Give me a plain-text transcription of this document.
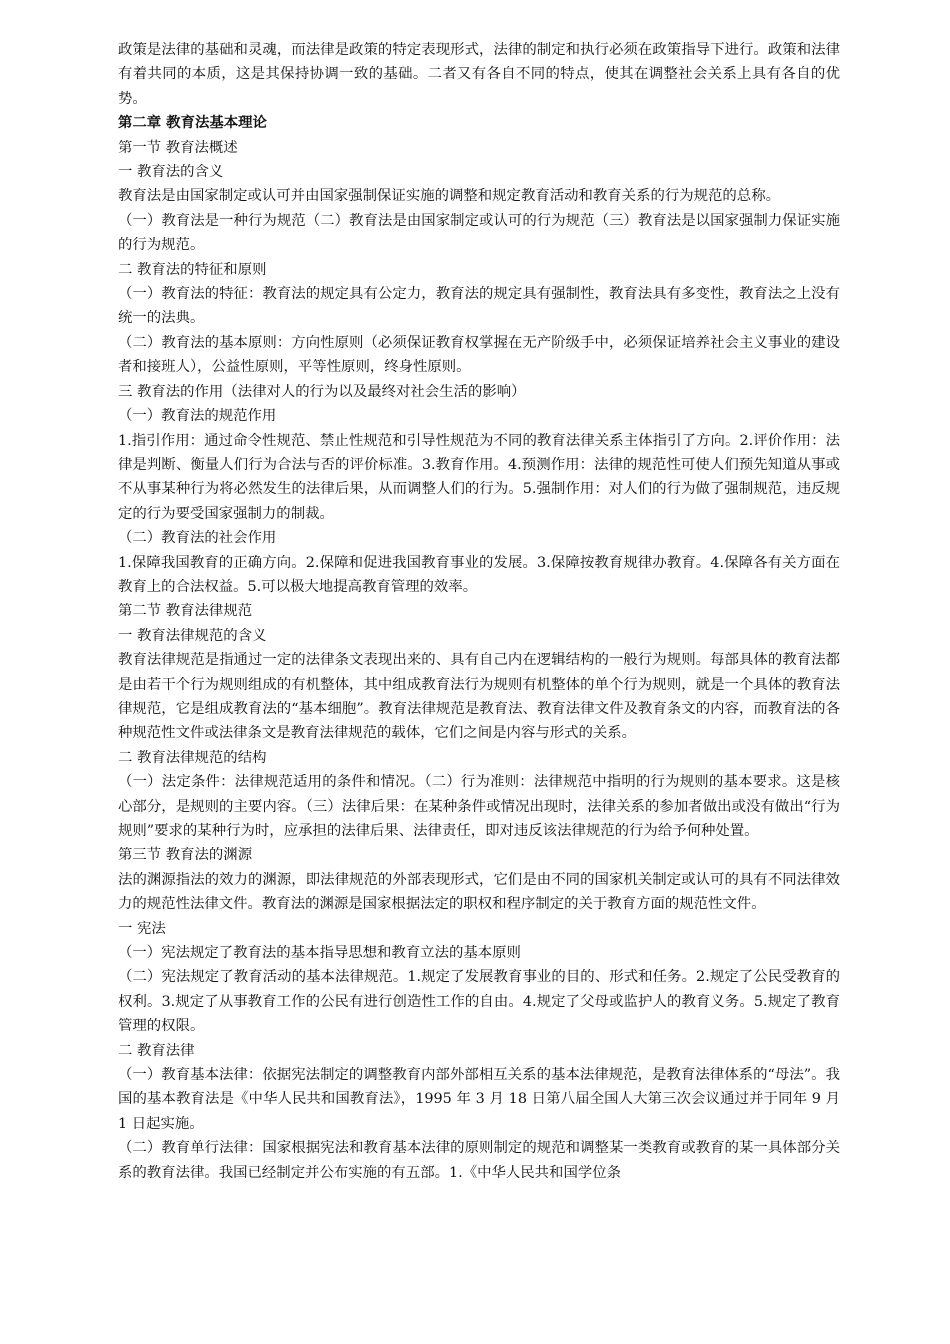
政策是法律的基础和灵魂，而法律是政策的特定表现形式，法律的制定和执行必须在政策指导下进行。政策和法律有着共同的本质，这是其保持协调一致的基础。二者又有各自不同的特点，使其在调整社会关系上具有各自的优势。

第二章 教育法基本理论

第一节 教育法概述

一 教育法的含义

教育法是由国家制定或认可并由国家强制保证实施的调整和规定教育活动和教育关系的行为规范的总称。

（一）教育法是一种行为规范（二）教育法是由国家制定或认可的行为规范（三）教育法是以国家强制力保证实施的行为规范。

二 教育法的特征和原则

（一）教育法的特征：教育法的规定具有公定力，教育法的规定具有强制性，教育法具有多变性，教育法之上没有统一的法典。

（二）教育法的基本原则：方向性原则（必须保证教育权掌握在无产阶级手中，必须保证培养社会主义事业的建设者和接班人），公益性原则，平等性原则，终身性原则。

三 教育法的作用（法律对人的行为以及最终对社会生活的影响）

（一）教育法的规范作用

1.指引作用：通过命令性规范、禁止性规范和引导性规范为不同的教育法律关系主体指引了方向。2.评价作用：法律是判断、衡量人们行为合法与否的评价标准。3.教育作用。4.预测作用：法律的规范性可使人们预先知道从事或不从事某种行为将必然发生的法律后果，从而调整人们的行为。5.强制作用：对人们的行为做了强制规范，违反规定的行为要受国家强制力的制裁。

（二）教育法的社会作用

1.保障我国教育的正确方向。2.保障和促进我国教育事业的发展。3.保障按教育规律办教育。4.保障各有关方面在教育上的合法权益。5.可以极大地提高教育管理的效率。

第二节 教育法律规范

一 教育法律规范的含义

教育法律规范是指通过一定的法律条文表现出来的、具有自己内在逻辑结构的一般行为规则。每部具体的教育法都是由若干个行为规则组成的有机整体，其中组成教育法行为规则有机整体的单个行为规则，就是一个具体的教育法律规范，它是组成教育法的“基本细胞”。教育法律规范是教育法、教育法律文件及教育条文的内容，而教育法的各种规范性文件或法律条文是教育法律规范的载体，它们之间是内容与形式的关系。

二 教育法律规范的结构

（一）法定条件：法律规范适用的条件和情况。（二）行为准则：法律规范中指明的行为规则的基本要求。这是核心部分，是规则的主要内容。（三）法律后果：在某种条件或情况出现时，法律关系的参加者做出或没有做出“行为规则”要求的某种行为时，应承担的法律后果、法律责任，即对违反该法律规范的行为给予何种处置。

第三节 教育法的渊源

法的渊源指法的效力的渊源，即法律规范的外部表现形式，它们是由不同的国家机关制定或认可的具有不同法律效力的规范性法律文件。教育法的渊源是国家根据法定的职权和程序制定的关于教育方面的规范性文件。

一 宪法

（一）宪法规定了教育法的基本指导思想和教育立法的基本原则

（二）宪法规定了教育活动的基本法律规范。1.规定了发展教育事业的目的、形式和任务。2.规定了公民受教育的权利。3.规定了从事教育工作的公民有进行创造性工作的自由。4.规定了父母或监护人的教育义务。5.规定了教育管理的权限。

二 教育法律

（一）教育基本法律：依据宪法制定的调整教育内部外部相互关系的基本法律规范，是教育法律体系的“母法”。我国的基本教育法是《中华人民共和国教育法》，1995 年 3 月 18 日第八届全国人大第三次会议通过并于同年 9 月 1 日起实施。

（二）教育单行法律：国家根据宪法和教育基本法律的原则制定的规范和调整某一类教育或教育的某一具体部分关系的教育法律。我国已经制定并公布实施的有五部。1.《中华人民共和国学位条
